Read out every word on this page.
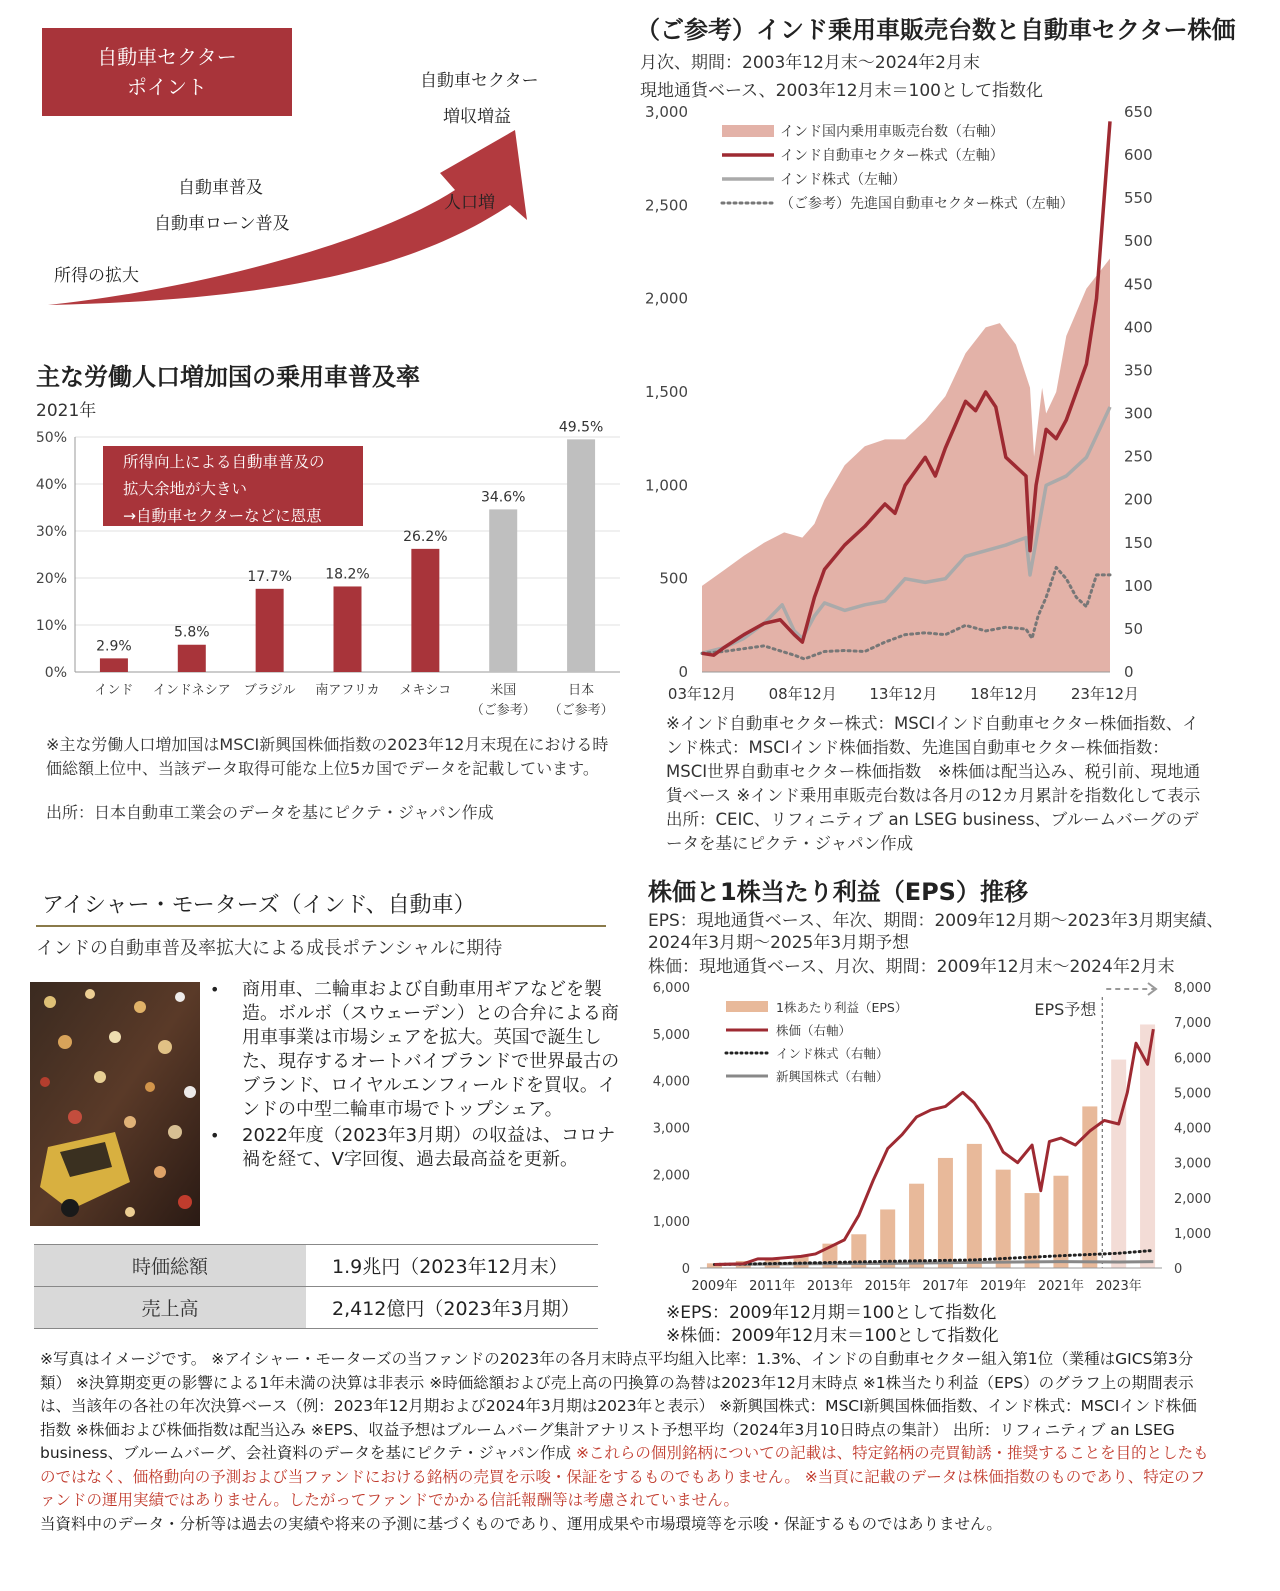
自動車セクター
ポイント	自動車セクター
増収増益
人口増
自動車普及
自動車ローン普及
所得の拡大
主な労働人口増加国の乗用車普及率
2021年
0%
10%
20%
30%
40%
50%
2.9%
インド
5.8%
インドネシア
17.7%
ブラジル
18.2%
南アフリカ
26.2%
メキシコ
34.6%
米国
（ご参考）
49.5%
日本
（ご参考）
所得向上による自動車普及の
拡大余地が大きい
→自動車セクターなどに恩恵
※主な労働人口増加国はMSCI新興国株価指数の2023年12月末現在における時価総額上位中、当該データ取得可能な上位5カ国でデータを記載しています。
出所：日本自動車工業会のデータを基にピクテ・ジャパン作成
（ご参考）インド乗用車販売台数と自動車セクター株価
月次、期間：2003年12月末～2024年2月末
現地通貨ベース、2003年12月末＝100として指数化
0
500
1,000
1,500
2,000
2,500
3,000
0
50
100
150
200
250
300
350
400
450
500
550
600
650
03年12月 08年12月 13年12月 18年12月 23年12月
インド国内乗用車販売台数（右軸）
インド自動車セクター株式（左軸）
インド株式（左軸）
（ご参考）先進国自動車セクター株式（左軸）
※インド自動車セクター株式：MSCIインド自動車セクター株価指数、インド株式：MSCIインド株価指数、先進国自動車セクター株価指数：MSCI世界自動車セクター株価指数　※株価は配当込み、税引前、現地通貨ベース ※インド乗用車販売台数は各月の12カ月累計を指数化して表示　　出所：CEIC、リフィニティブ an LSEG business、ブルームバーグのデータを基にピクテ・ジャパン作成
株価と1株当たり利益（EPS）推移
EPS：現地通貨ベース、年次、期間：2009年12月期～2023年3月期実績、
2024年3月期～2025年3月期予想
株価：現地通貨ベース、月次、期間：2009年12月末～2024年2月末
EPS予想
0
1,000
2,000
3,000
4,000
5,000
6,000
0
1,000
2,000
3,000
4,000
5,000
6,000
7,000
8,000
2009年 2011年 2013年 2015年 2017年 2019年 2021年 2023年
1株あたり利益（EPS）
株価（右軸）
インド株式（右軸）
新興国株式（右軸）
※EPS：2009年12月期＝100として指数化
※株価：2009年12月末＝100として指数化
アイシャー・モーターズ（インド、自動車）
インドの自動車普及率拡大による成長ポテンシャルに期待
• 商用車、二輪車および自動車用ギアなどを製造。ボルボ（スウェーデン）との合弁による商用車事業は市場シェアを拡大。英国で誕生した、現存するオートバイブランドで世界最古のブランド、ロイヤルエンフィールドを買収。インドの中型二輪車市場でトップシェア。
• 2022年度（2023年3月期）の収益は、コロナ禍を経て、V字回復、過去最高益を更新。
時価総額	1.9兆円（2023年12月末）
売上高	2,412億円（2023年3月期）
※写真はイメージです。 ※アイシャー・モーターズの当ファンドの2023年の各月末時点平均組入比率：1.3%、インドの自動車セクター組入第1位（業種はGICS第3分類） ※決算期変更の影響による1年未満の決算は非表示 ※時価総額および売上高の円換算の為替は2023年12月末時点 ※1株当たり利益（EPS）のグラフ上の期間表示は、当該年の各社の年次決算ベース（例：2023年12月期および2024年3月期は2023年と表示） ※新興国株式：MSCI新興国株価指数、インド株式：MSCIインド株価指数 ※株価および株価指数は配当込み ※EPS、収益予想はブルームバーグ集計アナリスト予想平均（2024年3月10日時点の集計） 出所：リフィニティブ an LSEG business、ブルームバーグ、会社資料のデータを基にピクテ・ジャパン作成 ※これらの個別銘柄についての記載は、特定銘柄の売買勧誘・推奨することを目的としたものではなく、価格動向の予測および当ファンドにおける銘柄の売買を示唆・保証をするものでもありません。 ※当頁に記載のデータは株価指数のものであり、特定のファンドの運用実績ではありません。したがってファンドでかかる信託報酬等は考慮されていません。
当資料中のデータ・分析等は過去の実績や将来の予測に基づくものであり、運用成果や市場環境等を示唆・保証するものではありません。
